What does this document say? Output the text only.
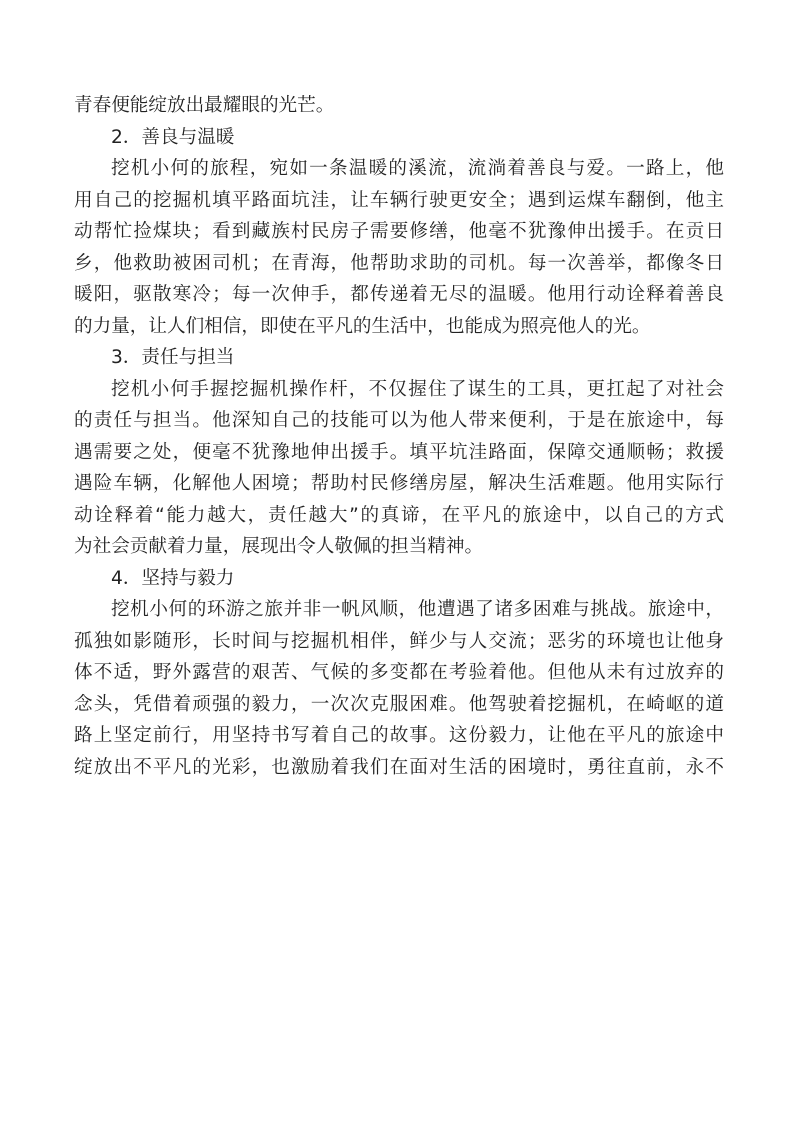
青春便能绽放出最耀眼的光芒。
2．善良与温暖
挖机小何的旅程，宛如一条温暖的溪流，流淌着善良与爱。一路上，他
用自己的挖掘机填平路面坑洼，让车辆行驶更安全；遇到运煤车翻倒，他主
动帮忙捡煤块；看到藏族村民房子需要修缮，他毫不犹豫伸出援手。在贡日
乡，他救助被困司机；在青海，他帮助求助的司机。每一次善举，都像冬日
暖阳，驱散寒冷；每一次伸手，都传递着无尽的温暖。他用行动诠释着善良
的力量，让人们相信，即使在平凡的生活中，也能成为照亮他人的光。
3．责任与担当
挖机小何手握挖掘机操作杆，不仅握住了谋生的工具，更扛起了对社会
的责任与担当。他深知自己的技能可以为他人带来便利，于是在旅途中，每
遇需要之处，便毫不犹豫地伸出援手。填平坑洼路面，保障交通顺畅；救援
遇险车辆，化解他人困境；帮助村民修缮房屋，解决生活难题。他用实际行
动诠释着“能力越大，责任越大”的真谛，在平凡的旅途中，以自己的方式
为社会贡献着力量，展现出令人敬佩的担当精神。
4．坚持与毅力
挖机小何的环游之旅并非一帆风顺，他遭遇了诸多困难与挑战。旅途中，
孤独如影随形，长时间与挖掘机相伴，鲜少与人交流；恶劣的环境也让他身
体不适，野外露营的艰苦、气候的多变都在考验着他。但他从未有过放弃的
念头，凭借着顽强的毅力，一次次克服困难。他驾驶着挖掘机，在崎岖的道
路上坚定前行，用坚持书写着自己的故事。这份毅力，让他在平凡的旅途中
绽放出不平凡的光彩，也激励着我们在面对生活的困境时，勇往直前，永不
